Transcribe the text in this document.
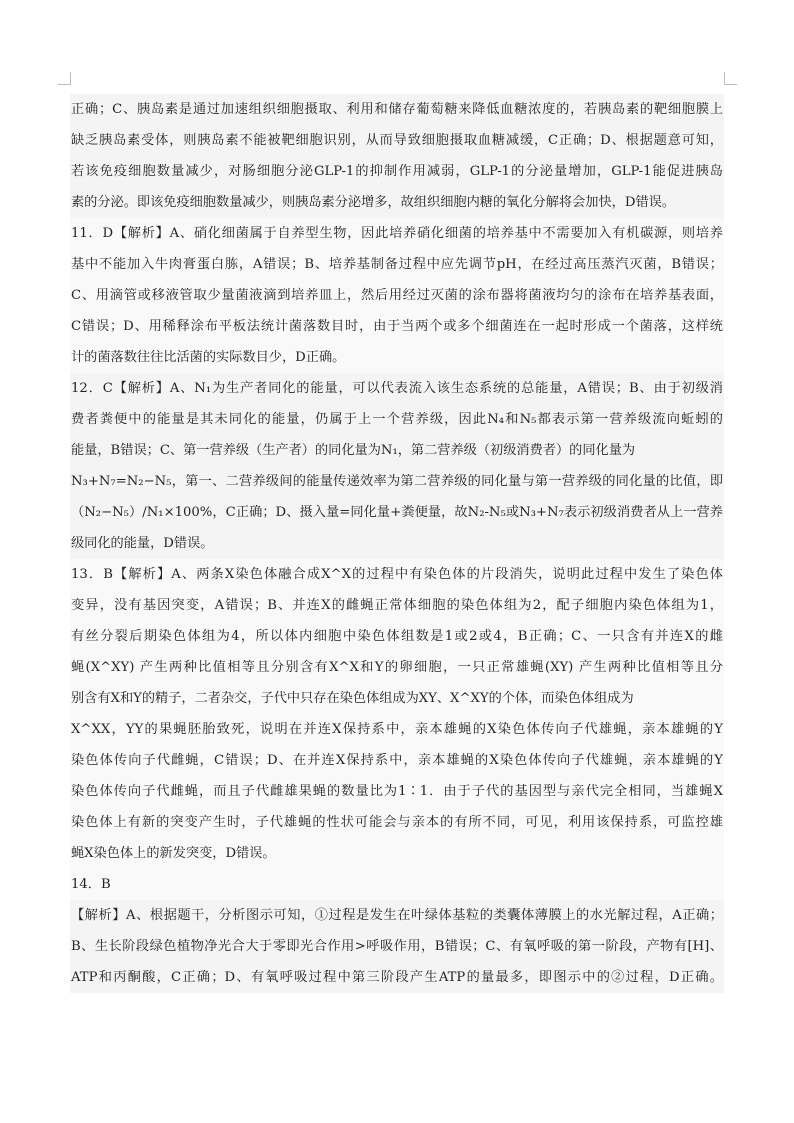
正确；C、胰岛素是通过加速组织细胞摄取、利用和储存葡萄糖来降低血糖浓度的，若胰岛素的靶细胞膜上
缺乏胰岛素受体，则胰岛素不能被靶细胞识别，从而导致细胞摄取血糖减缓，C正确；D、根据题意可知，
若该免疫细胞数量减少，对肠细胞分泌GLP-1的抑制作用减弱，GLP-1的分泌量增加，GLP-1能促进胰岛
素的分泌。即该免疫细胞数量减少，则胰岛素分泌增多，故组织细胞内糖的氧化分解将会加快，D错误。
11．D【解析】A、硝化细菌属于自养型生物，因此培养硝化细菌的培养基中不需要加入有机碳源，则培养
基中不能加入牛肉膏蛋白胨，A错误；B、培养基制备过程中应先调节pH，在经过高压蒸汽灭菌，B错误；
C、用滴管或移液管取少量菌液滴到培养皿上，然后用经过灭菌的涂布器将菌液均匀的涂布在培养基表面，
C错误；D、用稀释涂布平板法统计菌落数目时，由于当两个或多个细菌连在一起时形成一个菌落，这样统
计的菌落数往往比活菌的实际数目少，D正确。
12．C【解析】A、N₁为生产者同化的能量，可以代表流入该生态系统的总能量，A错误；B、由于初级消
费者粪便中的能量是其未同化的能量，仍属于上一个营养级，因此N₄和N₅都表示第一营养级流向蚯蚓的
能量，B错误；C、第一营养级（生产者）的同化量为N₁，第二营养级（初级消费者）的同化量为
N₃+N₇=N₂−N₅，第一、二营养级间的能量传递效率为第二营养级的同化量与第一营养级的同化量的比值，即
（N₂−N₅）/N₁×100%，C正确；D、摄入量=同化量+粪便量，故N₂-N₅或N₃+N₇表示初级消费者从上一营养
级同化的能量，D错误。
13．B【解析】A、两条X染色体融合成X^X的过程中有染色体的片段消失，说明此过程中发生了染色体
变异，没有基因突变，A错误；B、并连X的雌蝇正常体细胞的染色体组为2，配子细胞内染色体组为1，
有丝分裂后期染色体组为4，所以体内细胞中染色体组数是1或2或4，B正确；C、一只含有并连X的雌
蝇(X^XY) 产生两种比值相等且分别含有X^X和Y的卵细胞，一只正常雄蝇(XY) 产生两种比值相等且分
别含有X和Y的精子，二者杂交，子代中只存在染色体组成为XY、X^XY的个体，而染色体组成为
X^XX，YY的果蝇胚胎致死，说明在并连X保持系中，亲本雄蝇的X染色体传向子代雄蝇，亲本雄蝇的Y
染色体传向子代雌蝇，C错误；D、在并连X保持系中，亲本雄蝇的X染色体传向子代雄蝇，亲本雄蝇的Y
染色体传向子代雌蝇，而且子代雌雄果蝇的数量比为1∶1．由于子代的基因型与亲代完全相同，当雄蝇X
染色体上有新的突变产生时，子代雄蝇的性状可能会与亲本的有所不同，可见，利用该保持系，可监控雄
蝇X染色体上的新发突变，D错误。
14．B
【解析】A、根据题干，分析图示可知，①过程是发生在叶绿体基粒的类囊体薄膜上的水光解过程，A正确；
B、生长阶段绿色植物净光合大于零即光合作用>呼吸作用，B错误；C、有氧呼吸的第一阶段，产物有[H]、
ATP和丙酮酸，C正确；D、有氧呼吸过程中第三阶段产生ATP的量最多，即图示中的②过程，D正确。
